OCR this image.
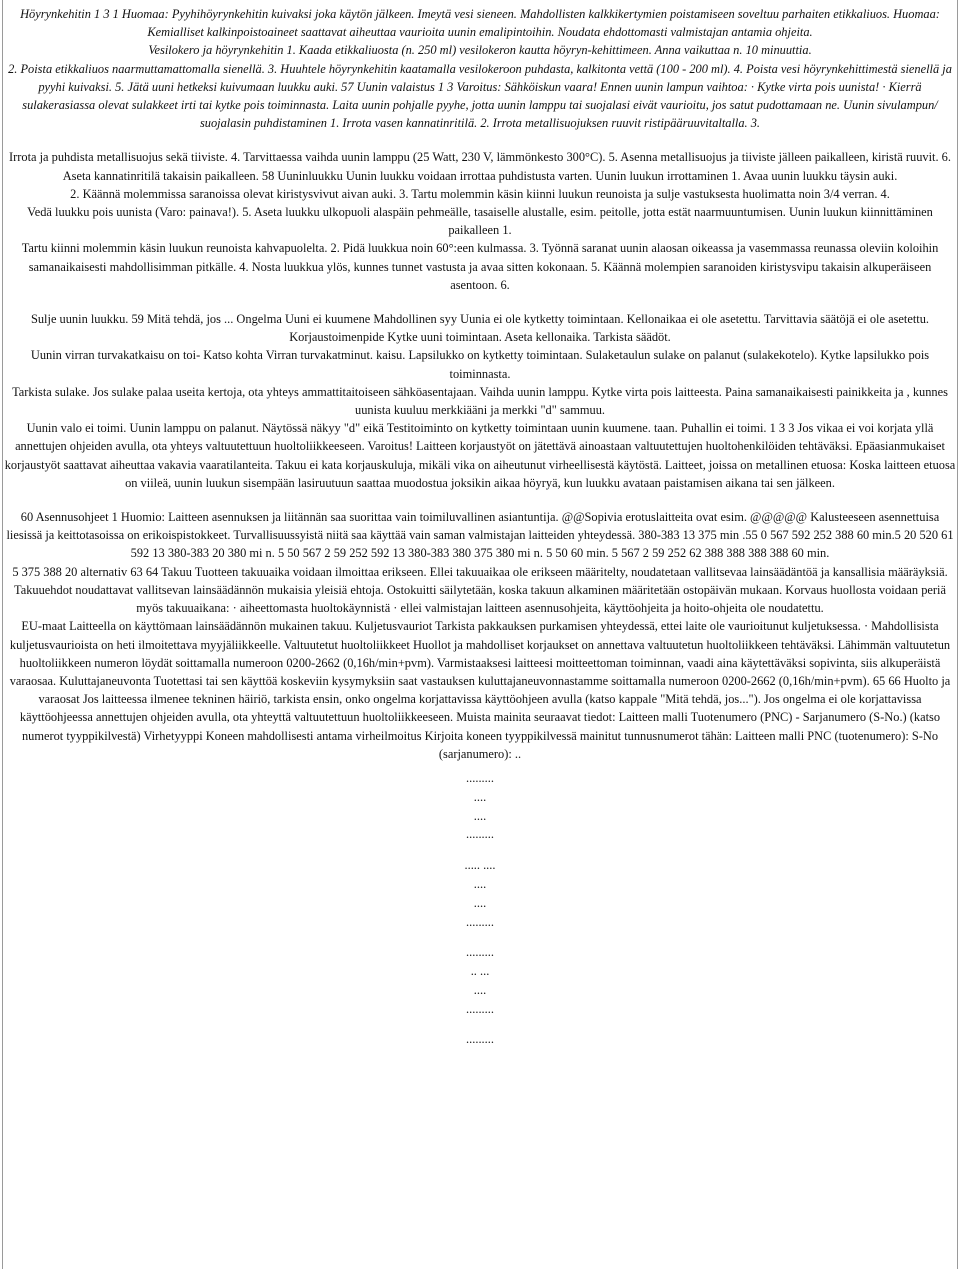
Höyrynkehitin 1 3 1 Huomaa: Pyyhihöyrynkehitin kuivaksi joka käytön jälkeen. Imeytä vesi sieneen. Mahdollisten kalkkikertymien poistamiseen soveltuu parhaiten etikkaliuos. Huomaa: Kemialliset kalkinpoistoaineet saattavat aiheuttaa vaurioita uunin emalipintoihin. Noudata ehdottomasti valmistajan antamia ohjeita.

Vesilokero ja höyrynkehitin 1. Kaada etikkaliuosta (n. 250 ml) vesilokeron kautta höyryn-kehittimeen. Anna vaikuttaa n. 10 minuuttia.

2. Poista etikkaliuos naarmuttamattomalla sienellä. 3. Huuhtele höyrynkehitin kaatamalla vesilokeroon puhdasta, kalkitonta vettä (100 - 200 ml). 4. Poista vesi höyrynkehittimestä sienellä ja pyyhi kuivaksi. 5. Jätä uuni hetkeksi kuivumaan luukku auki. 57 Uunin valaistus 1 3 Varoitus: Sähköiskun vaara! Ennen uunin lampun vaihtoa: · Kytke virta pois uunista! · Kierrä sulakerasiassa olevat sulakkeet irti tai kytke pois toiminnasta. Laita uunin pohjalle pyyhe, jotta uunin lamppu tai suojalasi eivät vaurioitu, jos satut pudottamaan ne. Uunin sivulampun/ suojalasin puhdistaminen 1. Irrota vasen kannatinritilä. 2. Irrota metallisuojuksen ruuvit ristipääruuvitaltalla. 3.

Irrota ja puhdista metallisuojus sekä tiiviste. 4. Tarvittaessa vaihda uunin lamppu (25 Watt, 230 V, lämmönkesto 300°C). 5. Asenna metallisuojus ja tiiviste jälleen paikalleen, kiristä ruuvit. 6. Aseta kannatinritilä takaisin paikalleen. 58 Uuninluukku Uunin luukku voidaan irrottaa puhdistusta varten. Uunin luukun irrottaminen 1. Avaa uunin luukku täysin auki.

2. Käännä molemmissa saranoissa olevat kiristysvivut aivan auki. 3. Tartu molemmin käsin kiinni luukun reunoista ja sulje vastuksesta huolimatta noin 3/4 verran. 4.

Vedä luukku pois uunista (Varo: painava!). 5. Aseta luukku ulkopuoli alaspäin pehmeälle, tasaiselle alustalle, esim. peitolle, jotta estät naarmuuntumisen. Uunin luukun kiinnittäminen paikalleen 1.

Tartu kiinni molemmin käsin luukun reunoista kahvapuolelta. 2. Pidä luukkua noin 60°:een kulmassa. 3. Työnnä saranat uunin alaosan oikeassa ja vasemmassa reunassa oleviin koloihin samanaikaisesti mahdollisimman pitkälle. 4. Nosta luukkua ylös, kunnes tunnet vastusta ja avaa sitten kokonaan. 5. Käännä molempien saranoiden kiristysvipu takaisin alkuperäiseen asentoon. 6.

Sulje uunin luukku. 59 Mitä tehdä, jos ... Ongelma Uuni ei kuumene Mahdollinen syy Uunia ei ole kytketty toimintaan. Kellonaikaa ei ole asetettu. Tarvittavia säätöjä ei ole asetettu. Korjaustoimenpide Kytke uuni toimintaan. Aseta kellonaika. Tarkista säädöt.

Uunin virran turvakatkaisu on toi- Katso kohta Virran turvakatminut. kaisu. Lapsilukko on kytketty toimintaan. Sulaketaulun sulake on palanut (sulakekotelo). Kytke lapsilukko pois toiminnasta.

Tarkista sulake. Jos sulake palaa useita kertoja, ota yhteys ammattitaitoiseen sähköasentajaan. Vaihda uunin lamppu. Kytke virta pois laitteesta. Paina samanaikaisesti painikkeita ja , kunnes uunista kuuluu merkkiääni ja merkki "d" sammuu.

Uunin valo ei toimi. Uunin lamppu on palanut. Näytössä näkyy "d" eikä Testitoiminto on kytketty toimintaan uunin kuumene. taan. Puhallin ei toimi. 1 3 3 Jos vikaa ei voi korjata yllä annettujen ohjeiden avulla, ota yhteys valtuutettuun huoltoliikkeeseen. Varoitus! Laitteen korjaustyöt on jätettävä ainoastaan valtuutettujen huoltohenkilöiden tehtäväksi. Epäasianmukaiset korjaustyöt saattavat aiheuttaa vakavia vaaratilanteita. Takuu ei kata korjauskuluja, mikäli vika on aiheutunut virheellisestä käytöstä. Laitteet, joissa on metallinen etuosa: Koska laitteen etuosa on viileä, uunin luukun sisempään lasiruutuun saattaa muodostua joksikin aikaa höyryä, kun luukku avataan paistamisen aikana tai sen jälkeen.

60 Asennusohjeet 1 Huomio: Laitteen asennuksen ja liitännän saa suorittaa vain toimiluvallinen asiantuntija. @@Sopivia erotuslaitteita ovat esim. @@@@@ Kalusteeseen asennettuisa liesissä ja keittotasoissa on erikoispistokkeet. Turvallisuussyistä niitä saa käyttää vain saman valmistajan laitteiden yhteydessä. 380-383 13 375 min .55 0 567 592 252 388 60 min.5 20 520 61 592 13 380-383 20 380 mi n. 5 50 567 2 59 252 592 13 380-383 380 375 380 mi n. 5 50 60 min. 5 567 2 59 252 62 388 388 388 388 60 min.

5 375 388 20 alternativ 63 64 Takuu Tuotteen takuuaika voidaan ilmoittaa erikseen. Ellei takuuaikaa ole erikseen määritelty, noudatetaan vallitsevaa lainsäädäntöä ja kansallisia määräyksiä. Takuuehdot noudattavat vallitsevan lainsäädännön mukaisia yleisiä ehtoja. Ostokuitti säilytetään, koska takuun alkaminen määritetään ostopäivän mukaan. Korvaus huollosta voidaan periä myös takuuaikana: · aiheettomasta huoltokäynnistä · ellei valmistajan laitteen asennusohjeita, käyttöohjeita ja hoito-ohjeita ole noudatettu.

EU-maat Laitteella on käyttömaan lainsäädännön mukainen takuu. Kuljetusvauriot Tarkista pakkauksen purkamisen yhteydessä, ettei laite ole vaurioitunut kuljetuksessa. · Mahdollisista kuljetusvaurioista on heti ilmoitettava myyjäliikkeelle. Valtuutetut huoltoliikkeet Huollot ja mahdolliset korjaukset on annettava valtuutetun huoltoliikkeen tehtäväksi. Lähimmän valtuutetun huoltoliikkeen numeron löydät soittamalla numeroon 0200-2662 (0,16h/min+pvm). Varmistaaksesi laitteesi moitteettoman toiminnan, vaadi aina käytettäväksi sopivinta, siis alkuperäistä varaosaa. Kuluttajaneuvonta Tuotettasi tai sen käyttöä koskeviin kysymyksiin saat vastauksen kuluttajaneuvonnastamme soittamalla numeroon 0200-2662 (0,16h/min+pvm). 65 66 Huolto ja varaosat Jos laitteessa ilmenee tekninen häiriö, tarkista ensin, onko ongelma korjattavissa käyttöohjeen avulla (katso kappale "Mitä tehdä, jos..."). Jos ongelma ei ole korjattavissa käyttöohjeessa annettujen ohjeiden avulla, ota yhteyttä valtuutettuun huoltoliikkeeseen. Muista mainita seuraavat tiedot: Laitteen malli Tuotenumero (PNC) - Sarjanumero (S-No.) (katso numerot tyyppikilvestä) Virhetyyppi Koneen mahdollisesti antama virheilmoitus Kirjoita koneen tyyppikilvessä mainitut tunnusnumerot tähän: Laitteen malli PNC (tuotenumero): S-No (sarjanumero): ..

.........
....
....
.........
..... ....
....
....
.........
.........
.. ...
....
.........
.........
